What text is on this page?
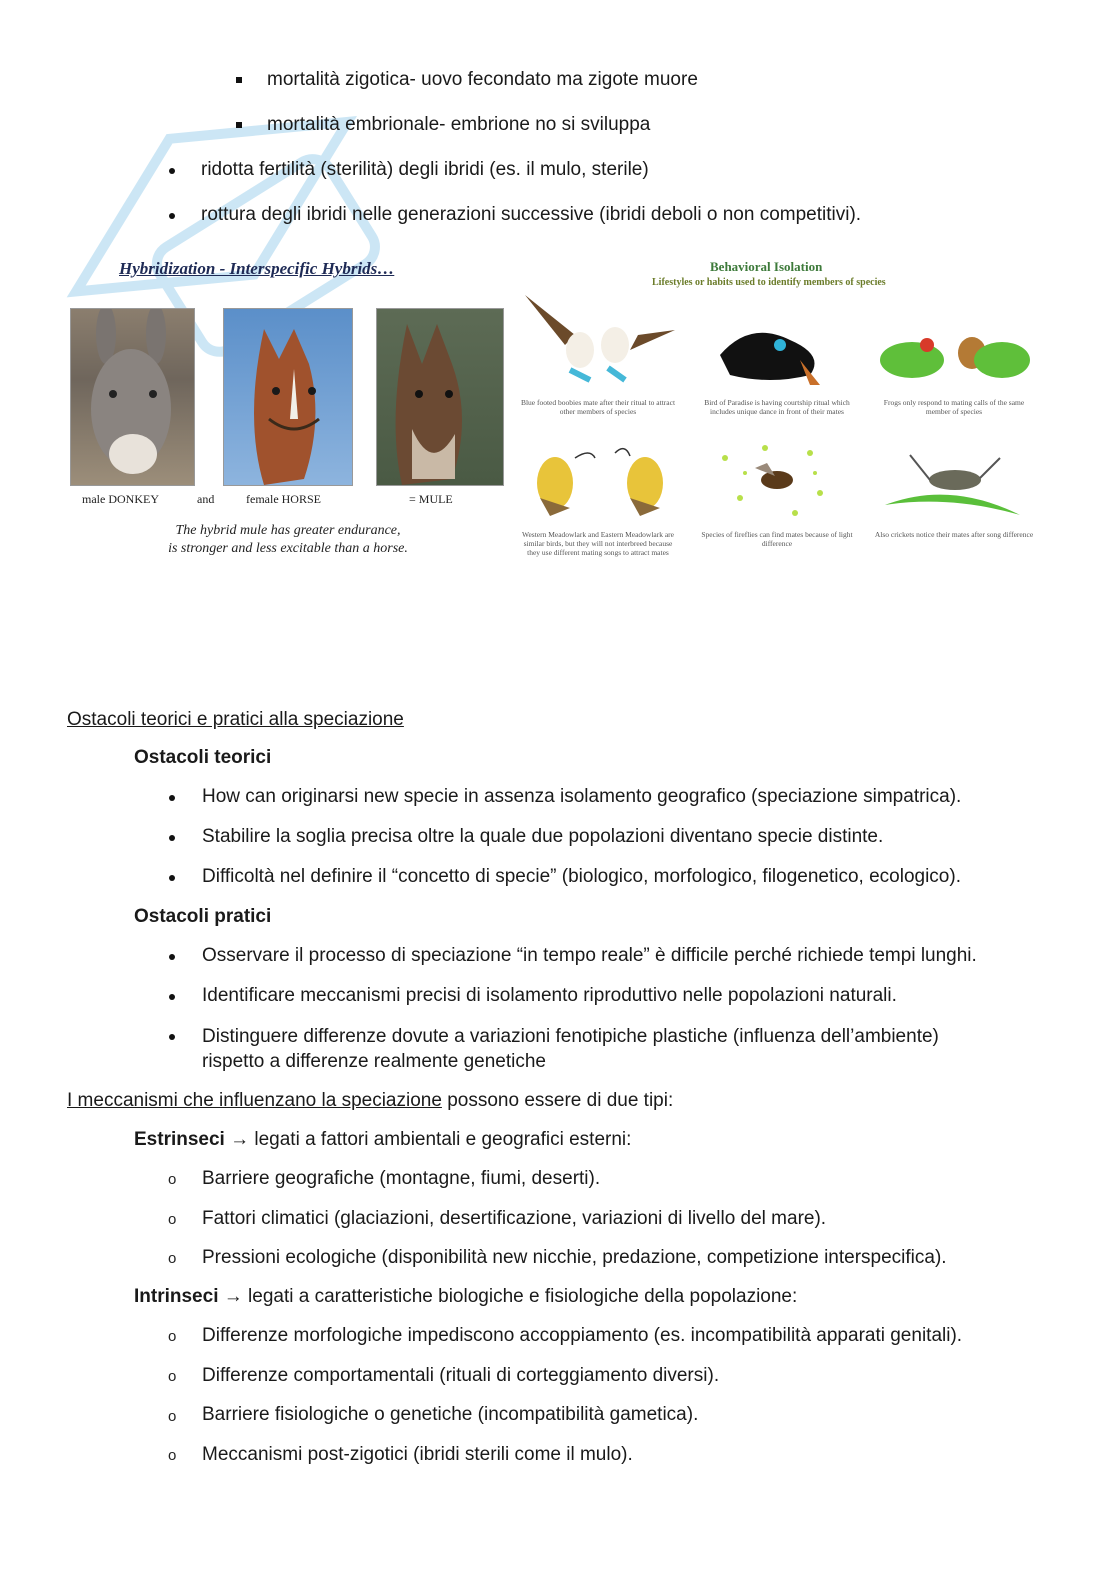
mortalità zigotica- uovo fecondato ma zigote muore
mortalità embrionale- embrione no si sviluppa
ridotta fertilità (sterilità) degli ibridi (es. il mulo, sterile)
rottura degli ibridi nelle generazioni successive (ibridi deboli o non competitivi).
Hybridization - Interspecific Hybrids…
male DONKEY	and	female HORSE	= MULE
The hybrid mule has greater endurance,
is stronger and less excitable than a horse.
Behavioral Isolation
Lifestyles or habits used to identify members of species
Blue footed boobies mate after their ritual to attract other members of species
Bird of Paradise is having courtship ritual which includes unique dance in front of their mates
Frogs only respond to mating calls of the same member of species
Western Meadowlark and Eastern Meadowlark are similar birds, but they will not interbreed because they use different mating songs to attract mates
Species of fireflies can find mates because of light difference
Also crickets notice their mates after song difference
Ostacoli teorici e pratici alla speciazione
Ostacoli teorici
How can originarsi new specie in assenza isolamento geografico (speciazione simpatrica).
Stabilire la soglia precisa oltre la quale due popolazioni diventano specie distinte.
Difficoltà nel definire il “concetto di specie” (biologico, morfologico, filogenetico, ecologico).
Ostacoli pratici
Osservare il processo di speciazione “in tempo reale” è difficile perché richiede tempi lunghi.
Identificare meccanismi precisi di isolamento riproduttivo nelle popolazioni naturali.
Distinguere differenze dovute a variazioni fenotipiche plastiche (influenza dell’ambiente)
rispetto a differenze realmente genetiche
I meccanismi che influenzano la speciazione possono essere di due tipi:
Estrinseci → legati a fattori ambientali e geografici esterni:
o Barriere geografiche (montagne, fiumi, deserti).
o Fattori climatici (glaciazioni, desertificazione, variazioni di livello del mare).
o Pressioni ecologiche (disponibilità new nicchie, predazione, competizione interspecifica).
Intrinseci → legati a caratteristiche biologiche e fisiologiche della popolazione:
o Differenze morfologiche impediscono accoppiamento (es. incompatibilità apparati genitali).
o Differenze comportamentali (rituali di corteggiamento diversi).
o Barriere fisiologiche o genetiche (incompatibilità gametica).
o Meccanismi post-zigotici (ibridi sterili come il mulo).
